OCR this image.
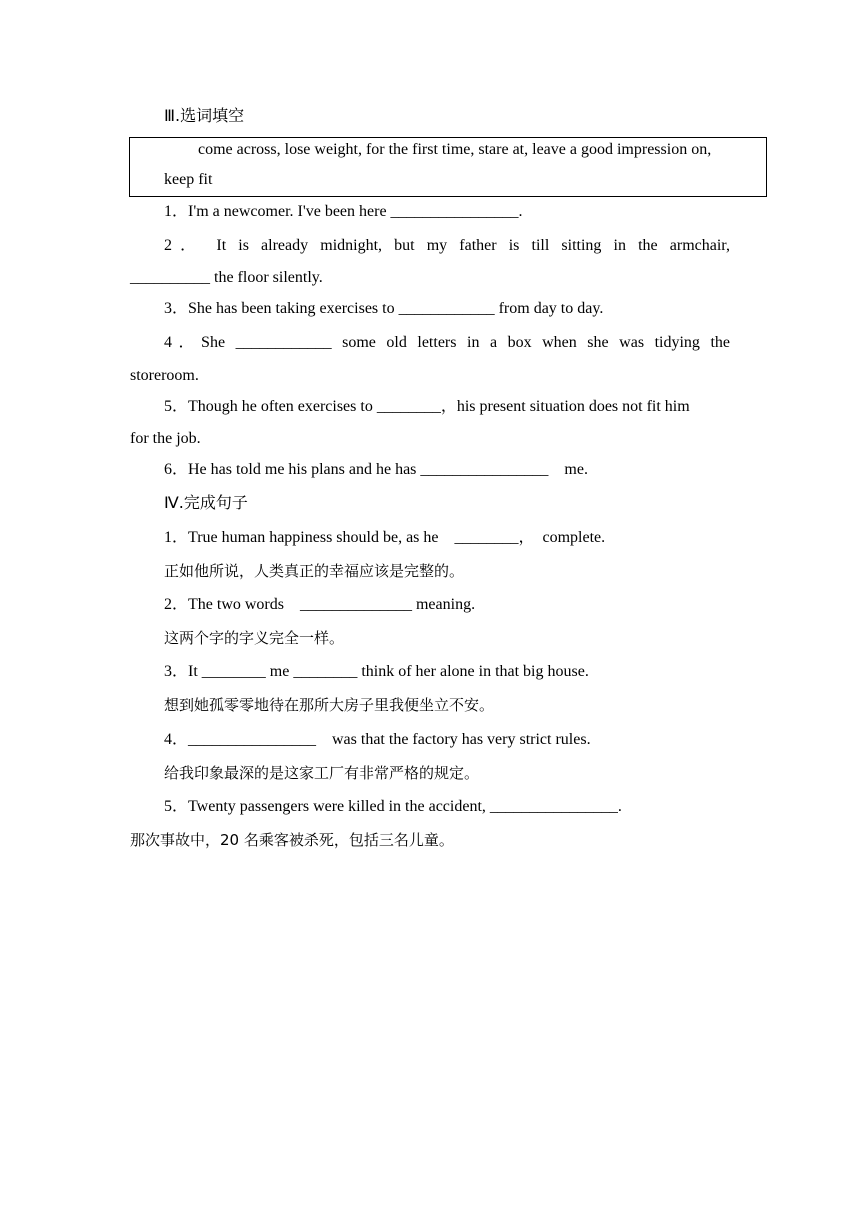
Ⅲ.选词填空
come across, lose weight, for the first time, stare at, leave a good impression on,
keep fit
1．I'm a newcomer. I've been here ________________.
2． It is already midnight, but my father is till sitting in the armchair,
__________ the floor silently.
3．She has been taking exercises to ____________ from day to day.
4．She ____________ some old letters in a box when she was tidying the
storeroom.
5．Though he often exercises to ________，his present situation does not fit him
for the job.
6．He has told me his plans and he has ________________    me.
Ⅳ.完成句子
1．True human happiness should be, as he    ________，  complete.
正如他所说，人类真正的幸福应该是完整的。
2．The two words    ______________ meaning.
这两个字的字义完全一样。
3．It ________ me ________ think of her alone in that big house.
想到她孤零零地待在那所大房子里我便坐立不安。
4．________________    was that the factory has very strict rules.
给我印象最深的是这家工厂有非常严格的规定。
5．Twenty passengers were killed in the accident, ________________.
那次事故中，20 名乘客被杀死，包括三名儿童。
